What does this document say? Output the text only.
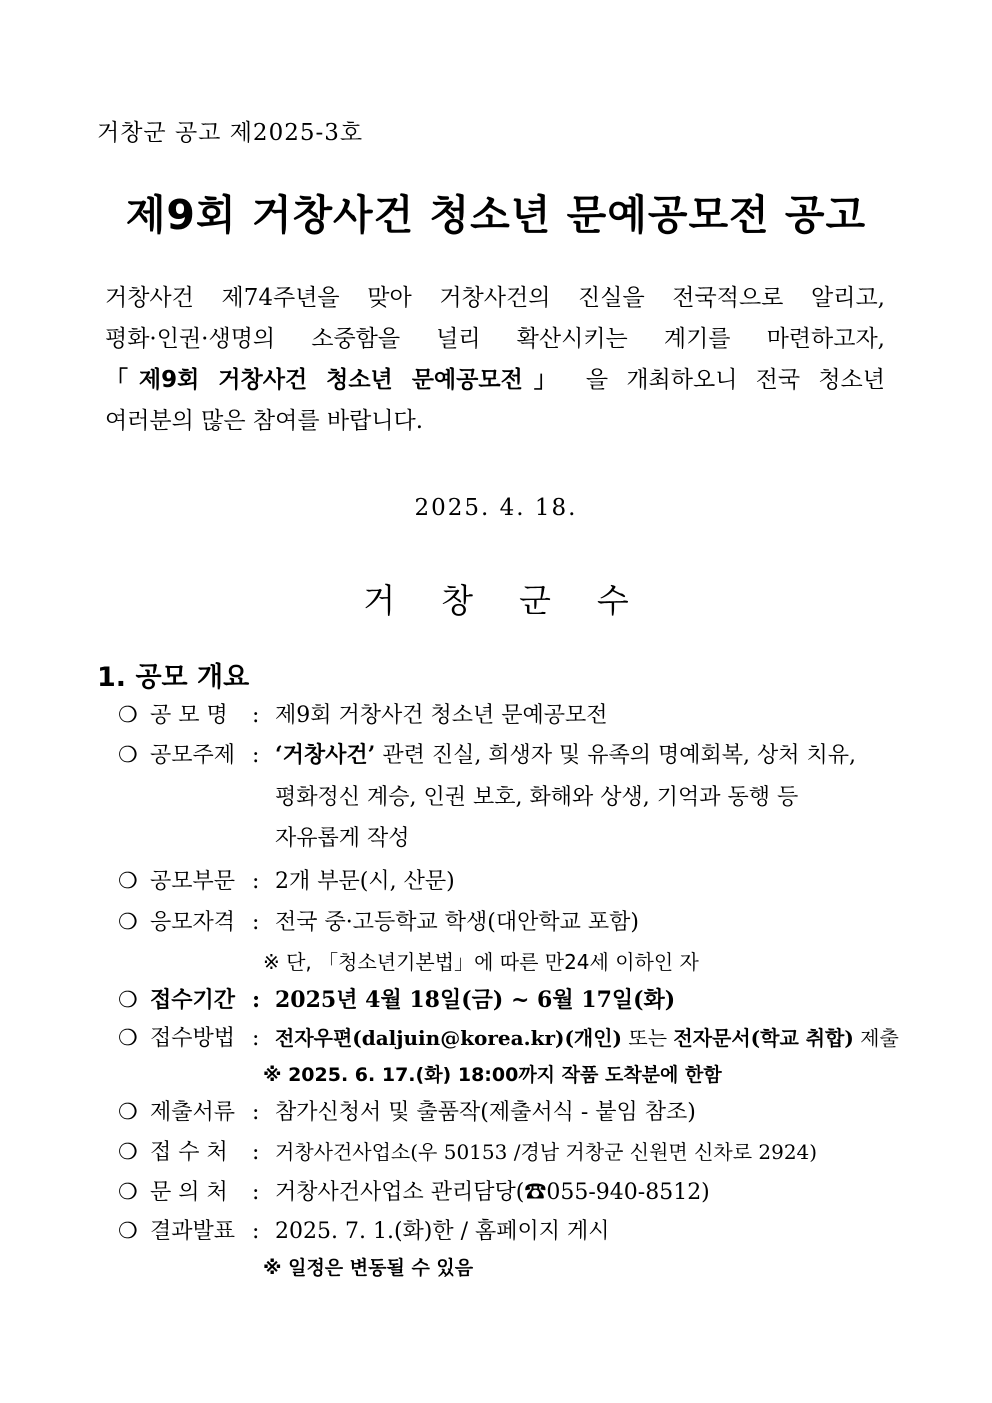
거창군 공고 제2025-3호
제9회 거창사건 청소년 문예공모전 공고
거창사건 제74주년을 맞아 거창사건의 진실을 전국적으로 알리고,
평화·인권·생명의 소중함을 널리 확산시키는 계기를 마련하고자,
「제9회 거창사건 청소년 문예공모전」 을 개최하오니 전국 청소년
여러분의 많은 참여를 바랍니다.
2025. 4. 18.
거창군수
1. 공모 개요
❍ 공 모 명 : 제9회 거창사건 청소년 문예공모전
❍ 공모주제 : ‘거창사건’ 관련 진실, 희생자 및 유족의 명예회복, 상처 치유,
평화정신 계승, 인권 보호, 화해와 상생, 기억과 동행 등
자유롭게 작성
❍ 공모부문 : 2개 부문(시, 산문)
❍ 응모자격 : 전국 중·고등학교 학생(대안학교 포함)
※ 단, 「청소년기본법」에 따른 만24세 이하인 자
❍ 접수기간 : 2025년 4월 18일(금) ~ 6월 17일(화)
❍ 접수방법 : 전자우편(daljuin@korea.kr)(개인) 또는 전자문서(학교 취합) 제출
※ 2025. 6. 17.(화) 18:00까지 작품 도착분에 한함
❍ 제출서류 : 참가신청서 및 출품작(제출서식 - 붙임 참조)
❍ 접 수 처 : 거창사건사업소(우 50153 /경남 거창군 신원면 신차로 2924)
❍ 문 의 처 : 거창사건사업소 관리담당(☎055-940-8512)
❍ 결과발표 : 2025. 7. 1.(화)한 / 홈페이지 게시
※ 일정은 변동될 수 있음
